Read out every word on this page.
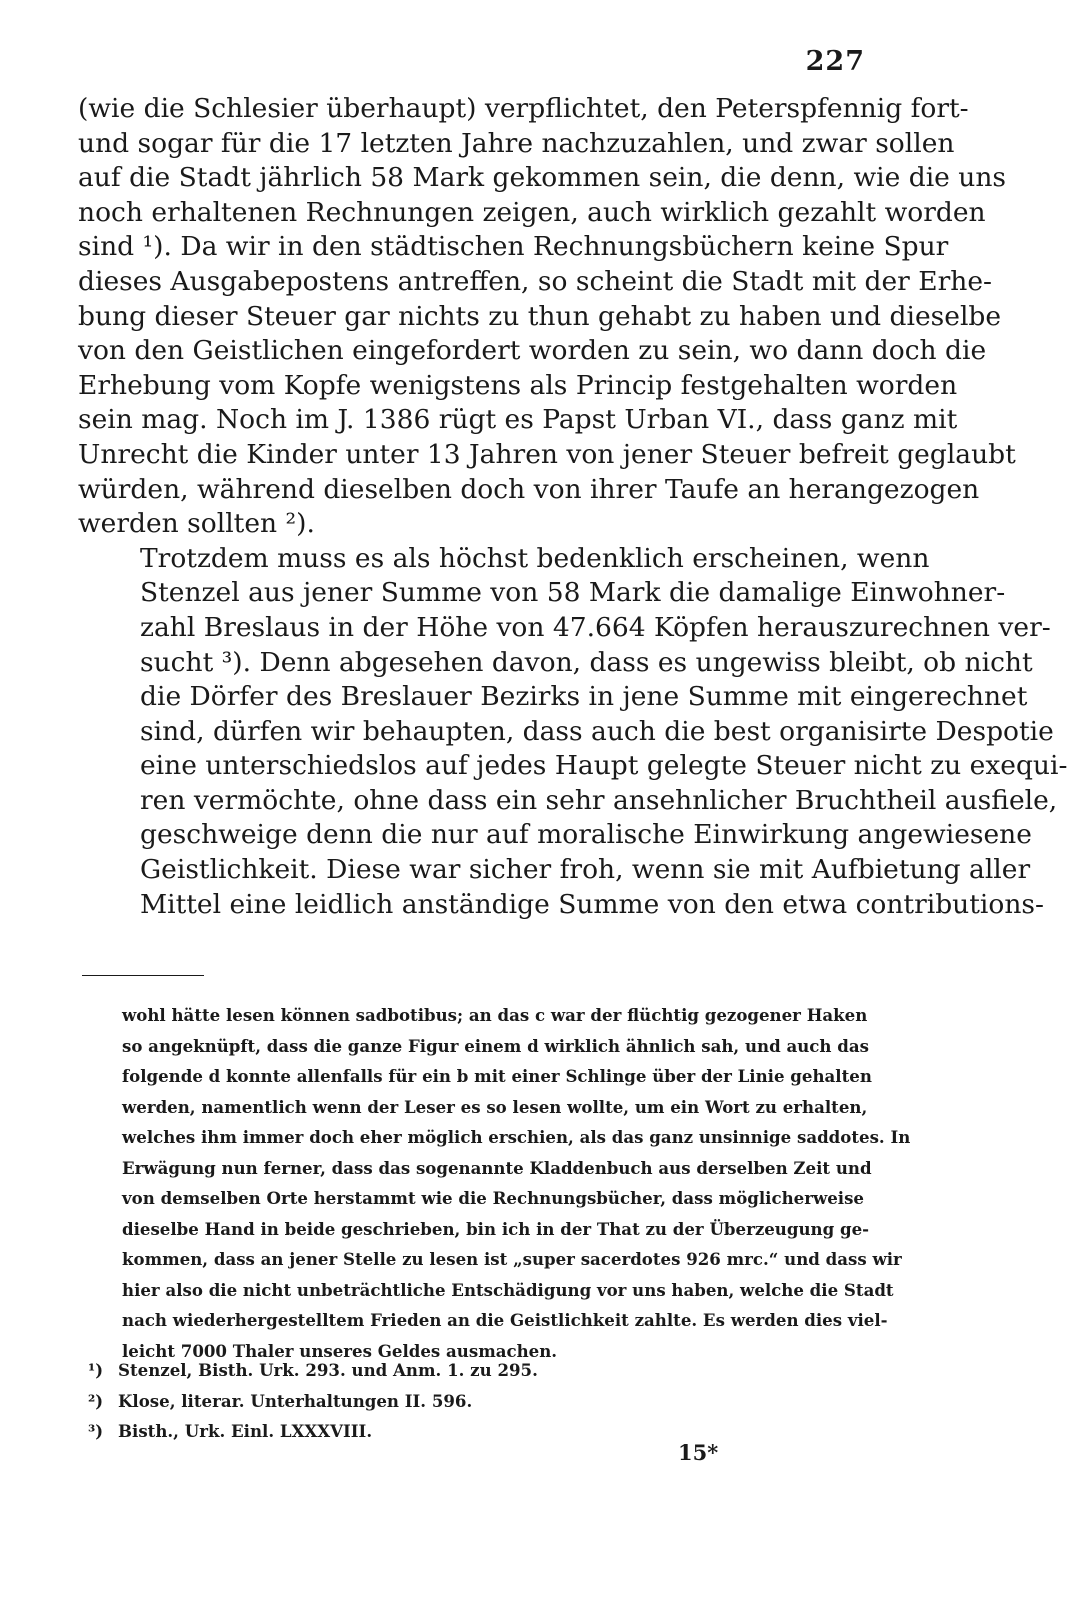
227
(wie die Schlesier überhaupt) verpflichtet, den Peterspfennig fort-
und sogar für die 17 letzten Jahre nachzuzahlen, und zwar sollen
auf die Stadt jährlich 58 Mark gekommen sein, die denn, wie die uns
noch erhaltenen Rechnungen zeigen, auch wirklich gezahlt worden
sind ¹). Da wir in den städtischen Rechnungsbüchern keine Spur
dieses Ausgabepostens antreffen, so scheint die Stadt mit der Erhe-
bung dieser Steuer gar nichts zu thun gehabt zu haben und dieselbe
von den Geistlichen eingefordert worden zu sein, wo dann doch die
Erhebung vom Kopfe wenigstens als Princip festgehalten worden
sein mag. Noch im J. 1386 rügt es Papst Urban VI., dass ganz mit
Unrecht die Kinder unter 13 Jahren von jener Steuer befreit geglaubt
würden, während dieselben doch von ihrer Taufe an herangezogen
werden sollten ²).
Trotzdem muss es als höchst bedenklich erscheinen, wenn
Stenzel aus jener Summe von 58 Mark die damalige Einwohner-
zahl Breslaus in der Höhe von 47.664 Köpfen herauszurechnen ver-
sucht ³). Denn abgesehen davon, dass es ungewiss bleibt, ob nicht
die Dörfer des Breslauer Bezirks in jene Summe mit eingerechnet
sind, dürfen wir behaupten, dass auch die best organisirte Despotie
eine unterschiedslos auf jedes Haupt gelegte Steuer nicht zu exequi-
ren vermöchte, ohne dass ein sehr ansehnlicher Bruchtheil ausfiele,
geschweige denn die nur auf moralische Einwirkung angewiesene
Geistlichkeit. Diese war sicher froh, wenn sie mit Aufbietung aller
Mittel eine leidlich anständige Summe von den etwa contributions-
wohl hätte lesen können sadbotibus; an das c war der flüchtig gezogener Haken
so angeknüpft, dass die ganze Figur einem d wirklich ähnlich sah, und auch das
folgende d konnte allenfalls für ein b mit einer Schlinge über der Linie gehalten
werden, namentlich wenn der Leser es so lesen wollte, um ein Wort zu erhalten,
welches ihm immer doch eher möglich erschien, als das ganz unsinnige saddotes. In
Erwägung nun ferner, dass das sogenannte Kladdenbuch aus derselben Zeit und
von demselben Orte herstammt wie die Rechnungsbücher, dass möglicherweise
dieselbe Hand in beide geschrieben, bin ich in der That zu der Überzeugung ge-
kommen, dass an jener Stelle zu lesen ist „super sacerdotes 926 mrc.“ und dass wir
hier also die nicht unbeträchtliche Entschädigung vor uns haben, welche die Stadt
nach wiederhergestelltem Frieden an die Geistlichkeit zahlte. Es werden dies viel-
leicht 7000 Thaler unseres Geldes ausmachen.
¹) Stenzel, Bisth. Urk. 293. und Anm. 1. zu 295.
²) Klose, literar. Unterhaltungen II. 596.
³) Bisth., Urk. Einl. LXXXVIII.
15*
